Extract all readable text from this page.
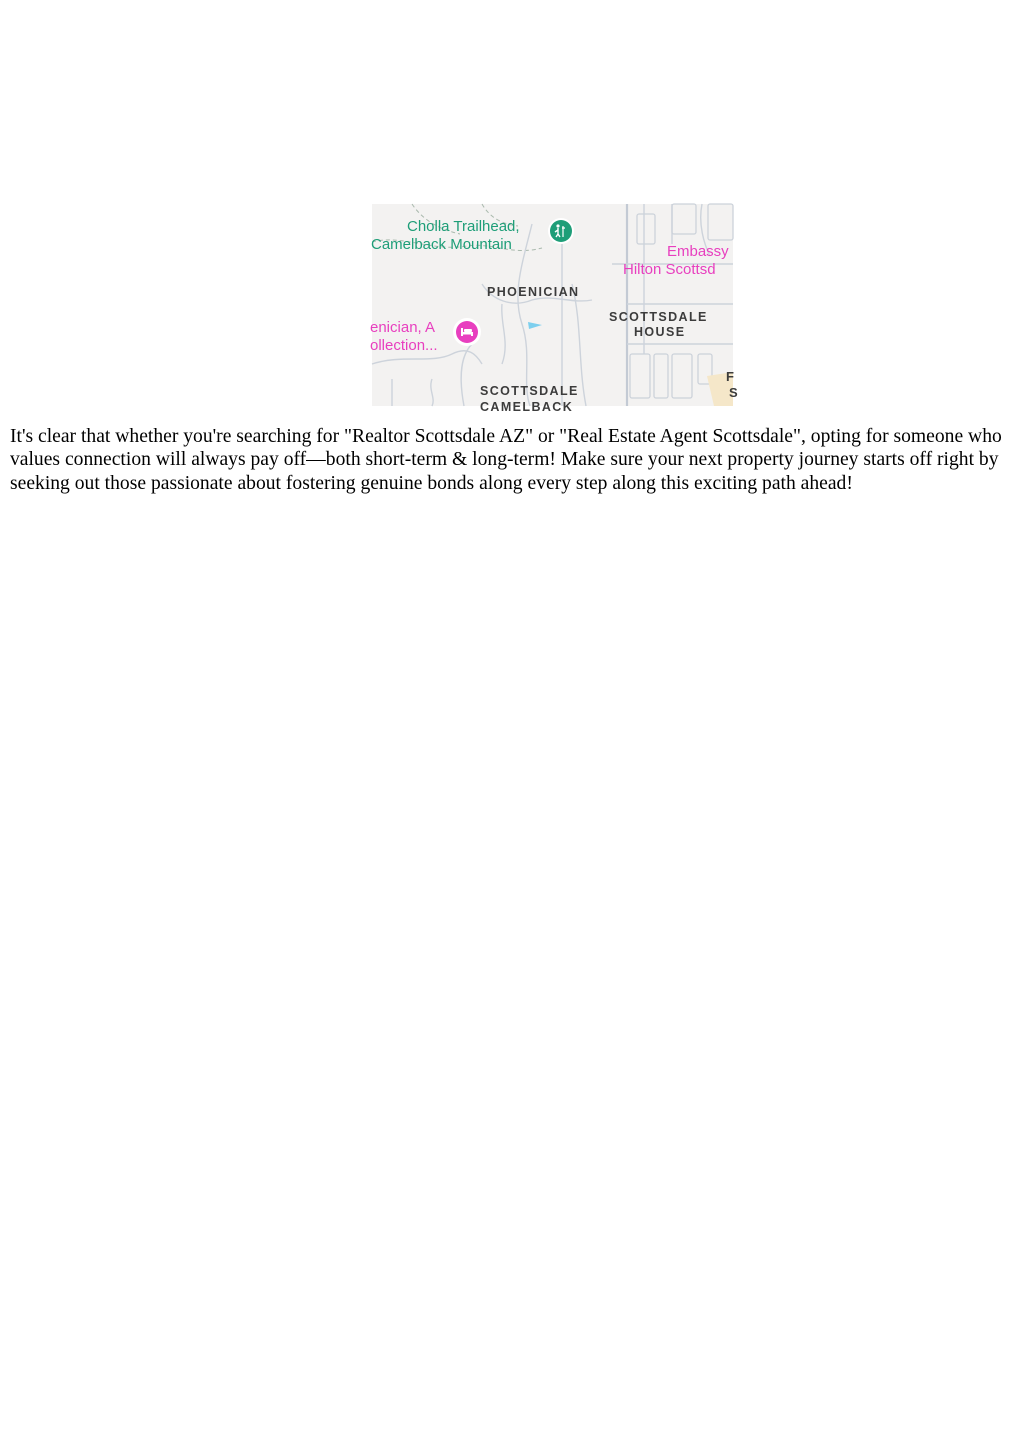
Cholla Trailhead,
Camelback Mountain	Embassy
Hilton Scottsd
PHOENICIAN
SCOTTSDALE
HOUSE
enician, A
ollection...
SCOTTSDALE
CAMELBACK
F
S

It's clear that whether you're searching for "Realtor Scottsdale AZ" or "Real Estate Agent Scottsdale", opting for someone who values connection will always pay off—both short-term & long-term! Make sure your next property journey starts off right by seeking out those passionate about fostering genuine bonds along every step along this exciting path ahead!
